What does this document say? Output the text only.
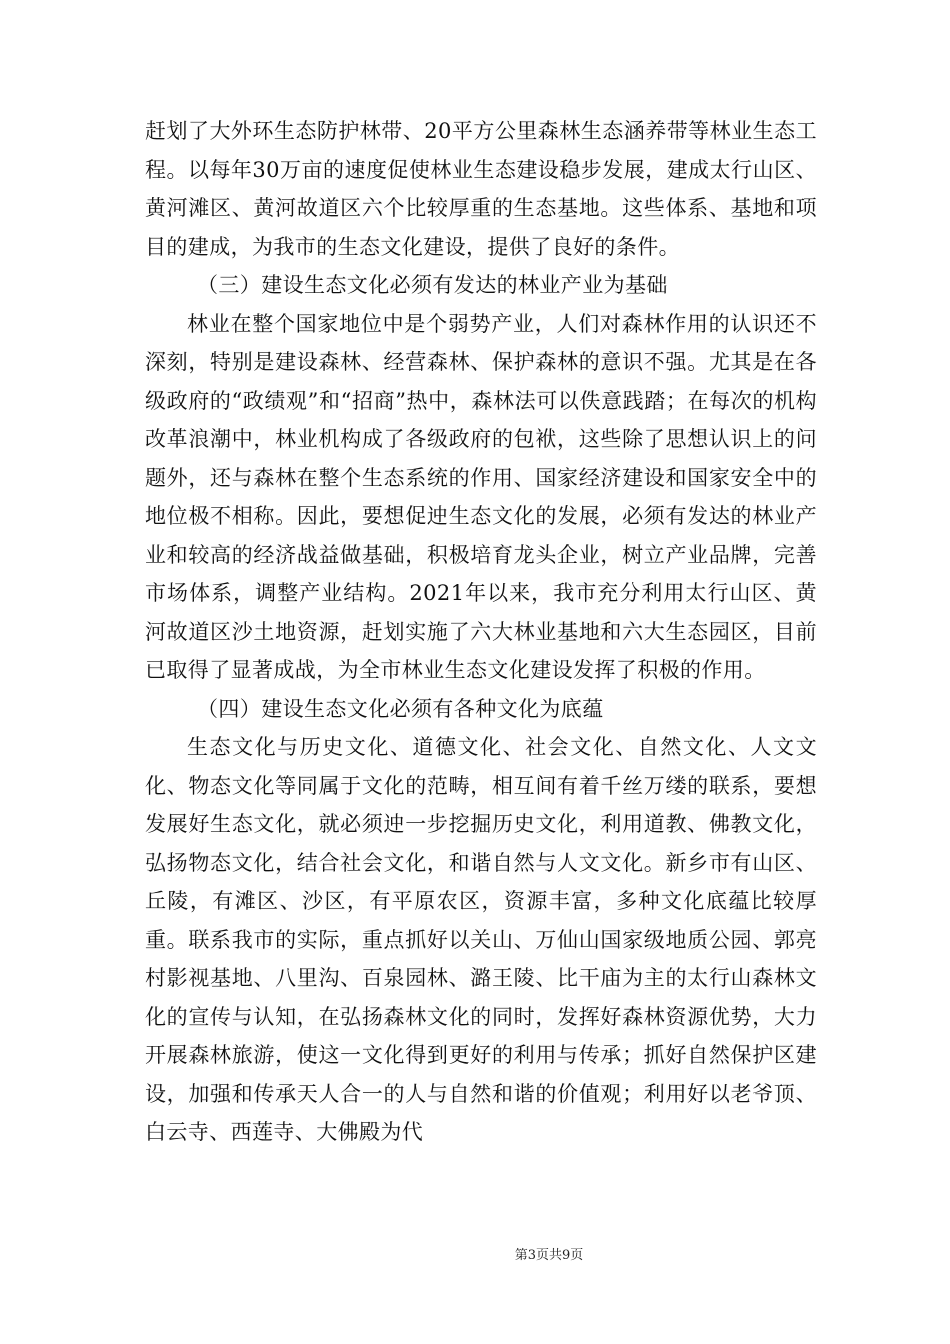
赶划了大外环生态防护林带、20平方公里森林生态涵养带等林业生态工程。以每年30万亩的速度促使林业生态建设稳步发展，建成太行山区、黄河滩区、黄河故道区六个比较厚重的生态基地。这些体系、基地和项目的建成，为我市的生态文化建设，提供了良好的条件。

（三）建设生态文化必须有发达的林业产业为基础

林业在整个国家地位中是个弱势产业，人们对森林作用的认识还不深刻，特别是建设森林、经营森林、保护森林的意识不强。尤其是在各级政府的“政绩观”和“招商”热中，森林法可以佚意践踏；在每次的机构改革浪潮中，林业机构成了各级政府的包袱，这些除了思想认识上的问题外，还与森林在整个生态系统的作用、国家经济建设和国家安全中的地位极不相称。因此，要想促迚生态文化的发展，必须有发达的林业产业和较高的经济战益做基础，积极培育龙头企业，树立产业品牌，完善市场体系，调整产业结构。2021年以来，我市充分利用太行山区、黄河故道区沙土地资源，赶划实施了六大林业基地和六大生态园区，目前已取得了显著成战，为全市林业生态文化建设发挥了积极的作用。

（四）建设生态文化必须有各种文化为底蕴

生态文化与历史文化、道德文化、社会文化、自然文化、人文文化、物态文化等同属于文化的范畴，相互间有着千丝万缕的联系，要想发展好生态文化，就必须迚一步挖掘历史文化，利用道教、佛教文化，弘扬物态文化，结合社会文化，和谐自然与人文文化。新乡市有山区、丘陵，有滩区、沙区，有平原农区，资源丰富，多种文化底蕴比较厚重。联系我市的实际，重点抓好以关山、万仙山国家级地质公园、郭亮村影视基地、八里沟、百泉园林、潞王陵、比干庙为主的太行山森林文化的宣传与认知，在弘扬森林文化的同时，发挥好森林资源优势，大力开展森林旅游，使这一文化得到更好的利用与传承；抓好自然保护区建设，加强和传承天人合一的人与自然和谐的价值观；利用好以老爷顶、白云寺、西莲寺、大佛殿为代

第3页共9页
